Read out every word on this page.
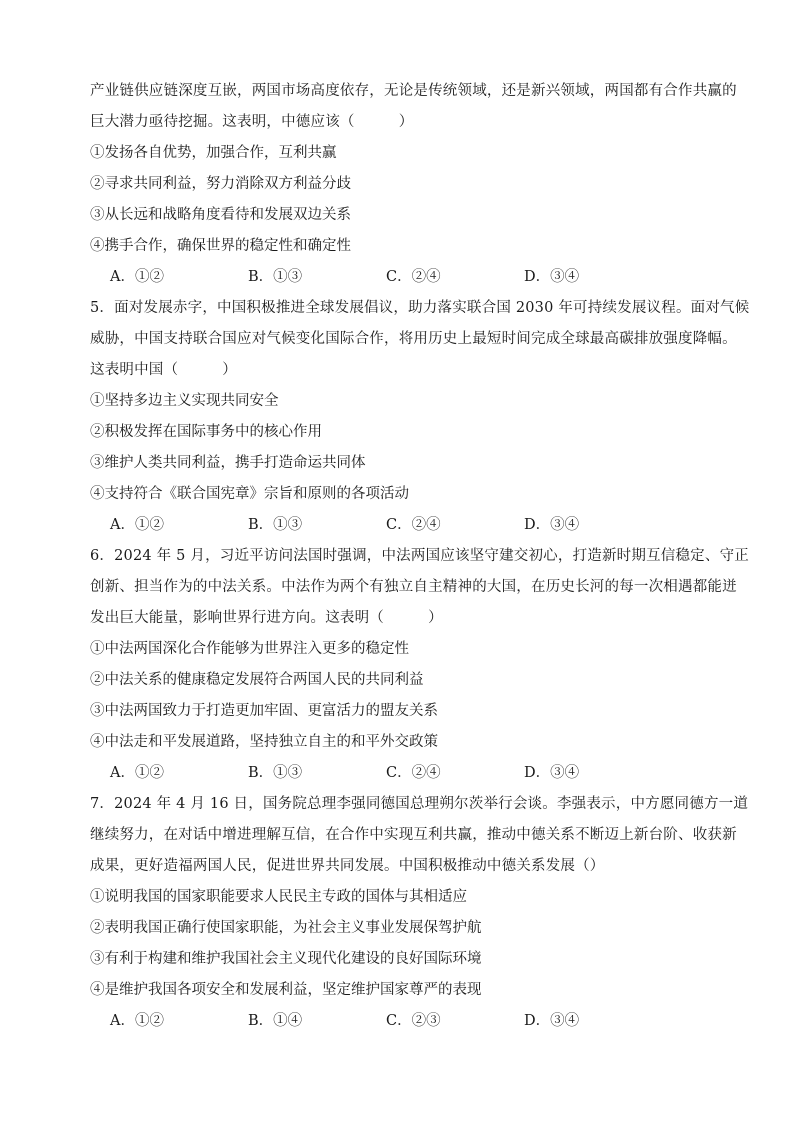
产业链供应链深度互嵌，两国市场高度依存，无论是传统领域，还是新兴领域，两国都有合作共赢的
巨大潜力亟待挖掘。这表明，中德应该（　　　）
①发扬各自优势，加强合作，互利共赢
②寻求共同利益，努力消除双方利益分歧
③从长远和战略角度看待和发展双边关系
④携手合作，确保世界的稳定性和确定性
A．①②	B．①③	C．②④	D．③④
5．面对发展赤字，中国积极推进全球发展倡议，助力落实联合国 2030 年可持续发展议程。面对气候
威胁，中国支持联合国应对气候变化国际合作，将用历史上最短时间完成全球最高碳排放强度降幅。
这表明中国（　　　）
①坚持多边主义实现共同安全
②积极发挥在国际事务中的核心作用
③维护人类共同利益，携手打造命运共同体
④支持符合《联合国宪章》宗旨和原则的各项活动
A．①②	B．①③	C．②④	D．③④
6．2024 年 5 月，习近平访问法国时强调，中法两国应该坚守建交初心，打造新时期互信稳定、守正
创新、担当作为的中法关系。中法作为两个有独立自主精神的大国，在历史长河的每一次相遇都能迸
发出巨大能量，影响世界行进方向。这表明（　　　）
①中法两国深化合作能够为世界注入更多的稳定性
②中法关系的健康稳定发展符合两国人民的共同利益
③中法两国致力于打造更加牢固、更富活力的盟友关系
④中法走和平发展道路，坚持独立自主的和平外交政策
A．①②	B．①③	C．②④	D．③④
7．2024 年 4 月 16 日，国务院总理李强同德国总理朔尔茨举行会谈。李强表示，中方愿同德方一道
继续努力，在对话中增进理解互信，在合作中实现互利共赢，推动中德关系不断迈上新台阶、收获新
成果，更好造福两国人民，促进世界共同发展。中国积极推动中德关系发展（）
①说明我国的国家职能要求人民民主专政的国体与其相适应
②表明我国正确行使国家职能，为社会主义事业发展保驾护航
③有利于构建和维护我国社会主义现代化建设的良好国际环境
④是维护我国各项安全和发展利益，坚定维护国家尊严的表现
A．①②	B．①④	C．②③	D．③④
